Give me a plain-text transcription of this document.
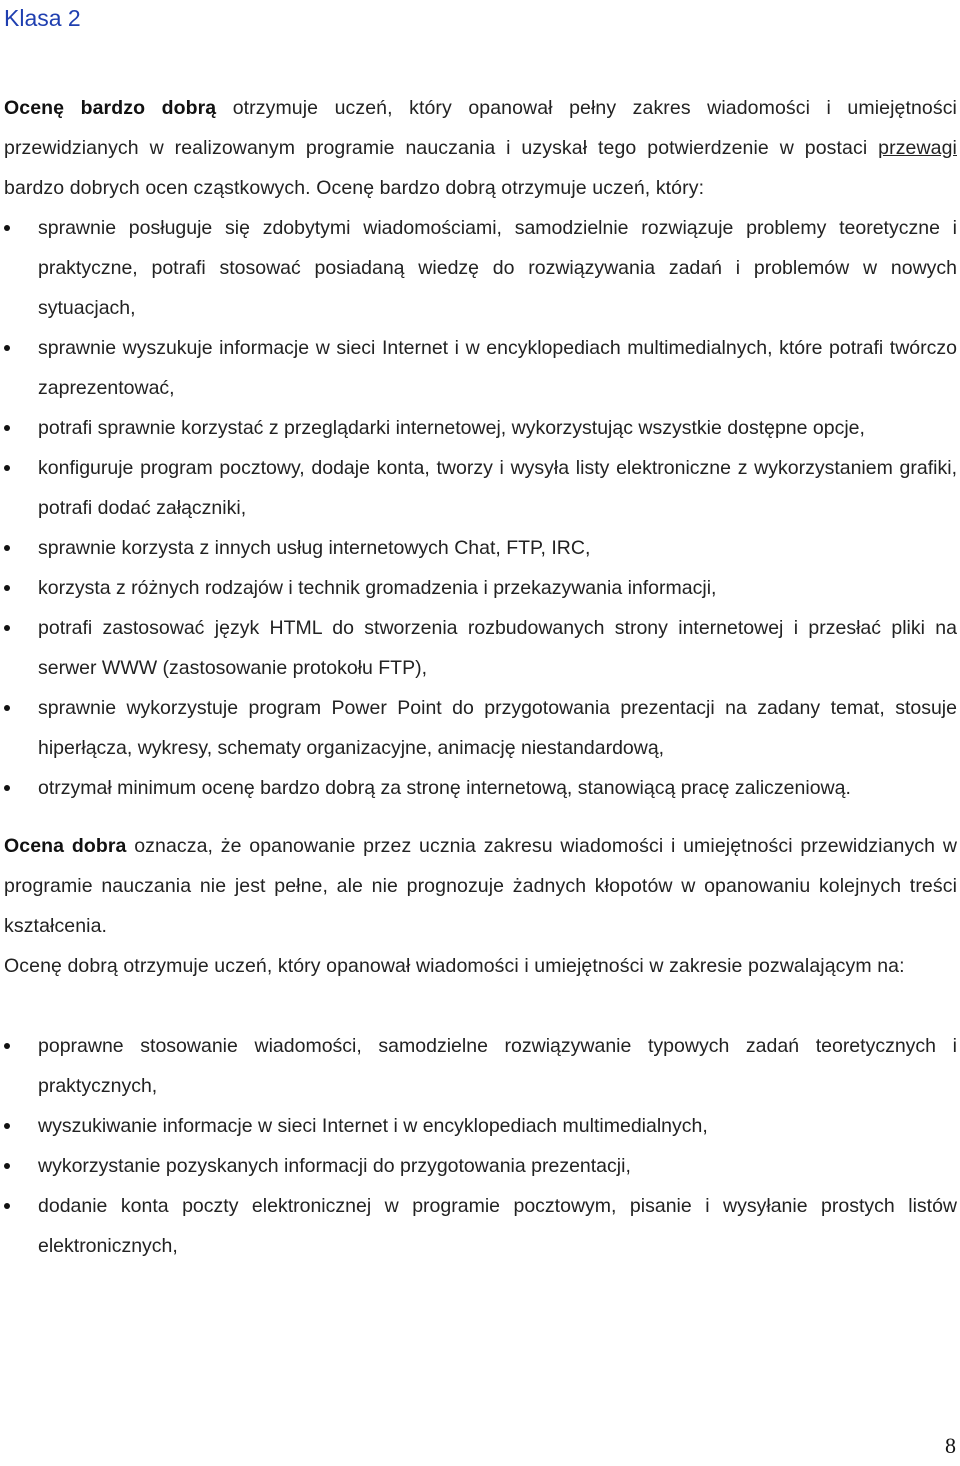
Klasa 2

Ocenę bardzo dobrą otrzymuje uczeń, który opanował pełny zakres wiadomości i umiejętności przewidzianych w realizowanym programie nauczania i uzyskał tego potwierdzenie w postaci przewagi bardzo dobrych ocen cząstkowych. Ocenę bardzo dobrą otrzymuje uczeń, który:

sprawnie posługuje się zdobytymi wiadomościami, samodzielnie rozwiązuje problemy teoretyczne i praktyczne, potrafi stosować posiadaną wiedzę do rozwiązywania zadań i problemów w nowych sytuacjach,
sprawnie wyszukuje informacje w sieci Internet i w encyklopediach multimedialnych, które potrafi twórczo zaprezentować,
potrafi sprawnie korzystać z przeglądarki internetowej, wykorzystując wszystkie dostępne opcje,
konfiguruje program pocztowy, dodaje konta, tworzy i wysyła listy elektroniczne z wykorzystaniem grafiki, potrafi dodać załączniki,
sprawnie korzysta z innych usług internetowych Chat, FTP, IRC,
korzysta z różnych rodzajów i technik gromadzenia i przekazywania informacji,
potrafi zastosować język HTML do stworzenia rozbudowanych strony internetowej i przesłać pliki na serwer WWW (zastosowanie protokołu FTP),
sprawnie wykorzystuje program Power Point do przygotowania prezentacji na zadany temat, stosuje hiperłącza, wykresy, schematy organizacyjne, animację niestandardową,
otrzymał minimum ocenę bardzo dobrą za stronę internetową, stanowiącą pracę zaliczeniową.

Ocena dobra oznacza, że opanowanie przez ucznia zakresu wiadomości i umiejętności przewidzianych w programie nauczania nie jest pełne, ale nie prognozuje żadnych kłopotów w opanowaniu kolejnych treści kształcenia.

Ocenę dobrą otrzymuje uczeń, który opanował wiadomości i umiejętności w zakresie pozwalającym na:

poprawne stosowanie wiadomości, samodzielne rozwiązywanie typowych zadań teoretycznych i praktycznych,
wyszukiwanie informacje w sieci Internet i w encyklopediach multimedialnych,
wykorzystanie pozyskanych informacji do przygotowania prezentacji,
dodanie konta poczty elektronicznej w programie pocztowym, pisanie i wysyłanie prostych listów elektronicznych,
8
